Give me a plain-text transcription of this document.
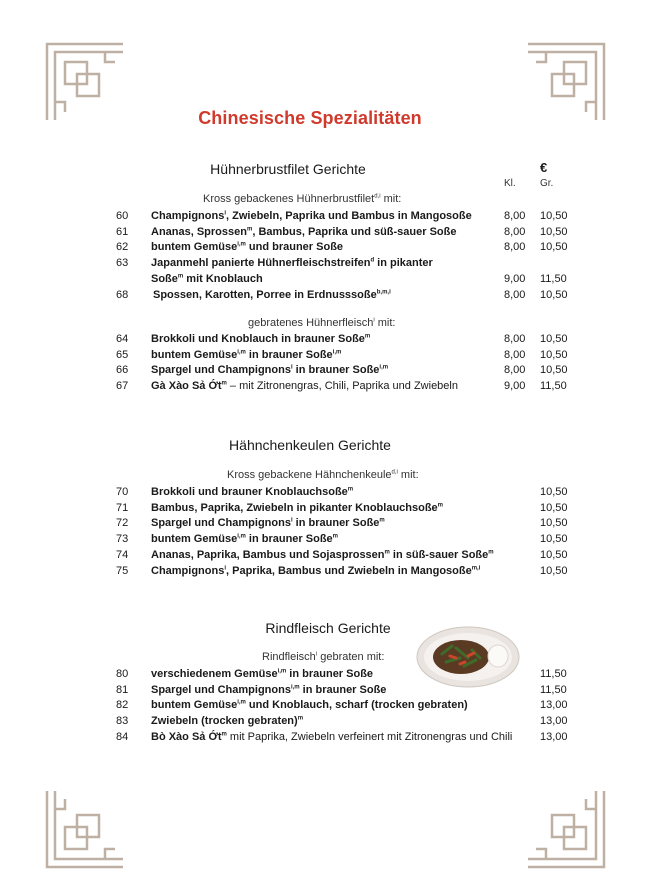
Chinesische Spezialitäten
Hühnerbrustfilet Gerichte	€
Kl. Gr.
Kross gebackenes Hühnerbrustfilet$^{d,i}$ mit:
60 Champignons$^i$, Zwiebeln, Paprika und Bambus in Mangosoße	8,00 10,50
61 Ananas, Sprossen$^m$, Bambus, Paprika und süß-sauer Soße	8,00 10,50
62 buntem Gemüse$^{i,m}$ und brauner Soße	8,00 10,50
63 Japanmehl panierte Hühnerfleischstreifen$^d$ in pikanter
Soße$^m$ mit Knoblauch	9,00 11,50
68 Spossen, Karotten, Porree in Erdnusssoße$^{b,m,i}$	8,00 10,50
gebratenes Hühnerfleisch$^i$ mit:
64 Brokkoli und Knoblauch in brauner Soße$^m$	8,00 10,50
65 buntem Gemüse$^{i,m}$ in brauner Soße$^{i,m}$	8,00 10,50
66 Spargel und Champignons$^i$ in brauner Soße$^{i,m}$	8,00 10,50
67 Gà Xào Sả Ớt$^m$ – mit Zitronengras, Chili, Paprika und Zwiebeln	9,00 11,50
Hähnchenkeulen Gerichte
Kross gebackene Hähnchenkeule$^{d,i}$ mit:
70 Brokkoli und brauner Knoblauchsoße$^m$	10,50
71 Bambus, Paprika, Zwiebeln in pikanter Knoblauchsoße$^m$	10,50
72 Spargel und Champignons$^i$ in brauner Soße$^m$	10,50
73 buntem Gemüse$^{i,m}$ in brauner Soße$^m$	10,50
74 Ananas, Paprika, Bambus und Sojasprossen$^m$ in süß-sauer Soße$^m$	10,50
75 Champignons$^i$, Paprika, Bambus und Zwiebeln in Mangosoße$^{m,i}$	10,50
Rindfleisch Gerichte
Rindfleisch$^i$ gebraten mit:
80 verschiedenem Gemüse$^{i,m}$ in brauner Soße	11,50
81 Spargel und Champignons$^{i,m}$ in brauner Soße	11,50
82 buntem Gemüse$^{i,m}$ und Knoblauch, scharf (trocken gebraten)	13,00
83 Zwiebeln (trocken gebraten)$^m$	13,00
84 Bò Xào Sả Ớt$^m$ mit Paprika, Zwiebeln verfeinert mit Zitronengras und Chili	13,00
